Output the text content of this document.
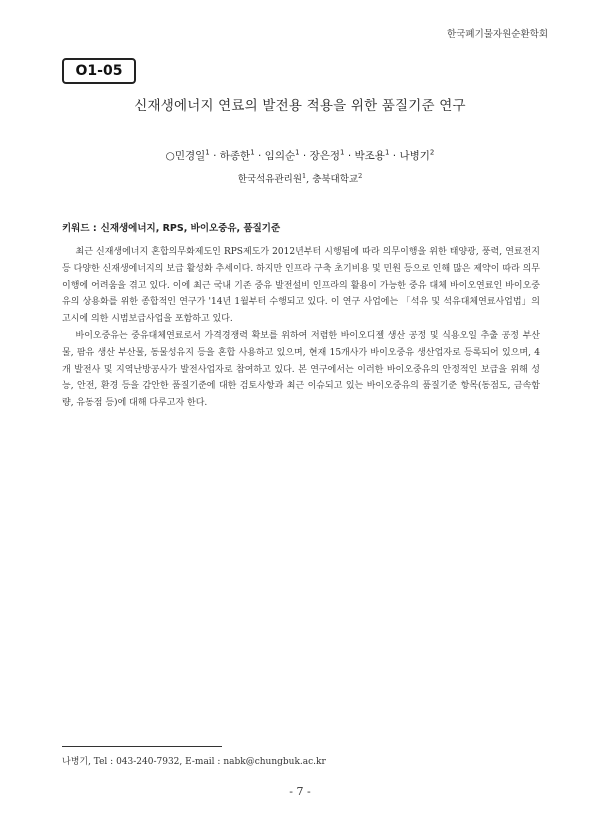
한국폐기물자원순환학회
O1-05
신재생에너지 연료의 발전용 적용을 위한 품질기준 연구
○민경일$^1$ · 하종한$^1$ · 임의순$^1$ · 장은정$^1$ · 박조용$^1$ · 나병기$^2$
한국석유관리원$^1$, 충북대학교$^2$
키워드 : 신재생에너지, RPS, 바이오중유, 품질기준

최근 신재생에너지 혼합의무화제도인 RPS제도가 2012년부터 시행됨에 따라 의무이행을 위한 태양광, 풍력, 연료전지 등 다양한 신재생에너지의 보급 활성화 추세이다. 하지만 인프라 구축 초기비용 및 민원 등으로 인해 많은 제약이 따라 의무이행에 어려움을 겪고 있다. 이에 최근 국내 기존 중유 발전설비 인프라의 활용이 가능한 중유 대체 바이오연료인 바이오중유의 상용화를 위한 종합적인 연구가 '14년 1월부터 수행되고 있다. 이 연구 사업에는 「석유 및 석유대체연료사업법」의 고시에 의한 시범보급사업을 포함하고 있다.

바이오중유는 중유대체연료로서 가격경쟁력 확보를 위하여 저렴한 바이오디젤 생산 공정 및 식용오일 추출 공정 부산물, 팜유 생산 부산물, 동물성유지 등을 혼합 사용하고 있으며, 현재 15개사가 바이오중유 생산업자로 등록되어 있으며, 4개 발전사 및 지역난방공사가 발전사업자로 참여하고 있다. 본 연구에서는 이러한 바이오중유의 안정적인 보급을 위해 성능, 안전, 환경 등을 감안한 품질기준에 대한 검토사항과 최근 이슈되고 있는 바이오중유의 품질기준 항목(동점도, 금속함량, 유동점 등)에 대해 다루고자 한다.

나병기, Tel : 043-240-7932, E-mail : nabk@chungbuk.ac.kr
- 7 -
